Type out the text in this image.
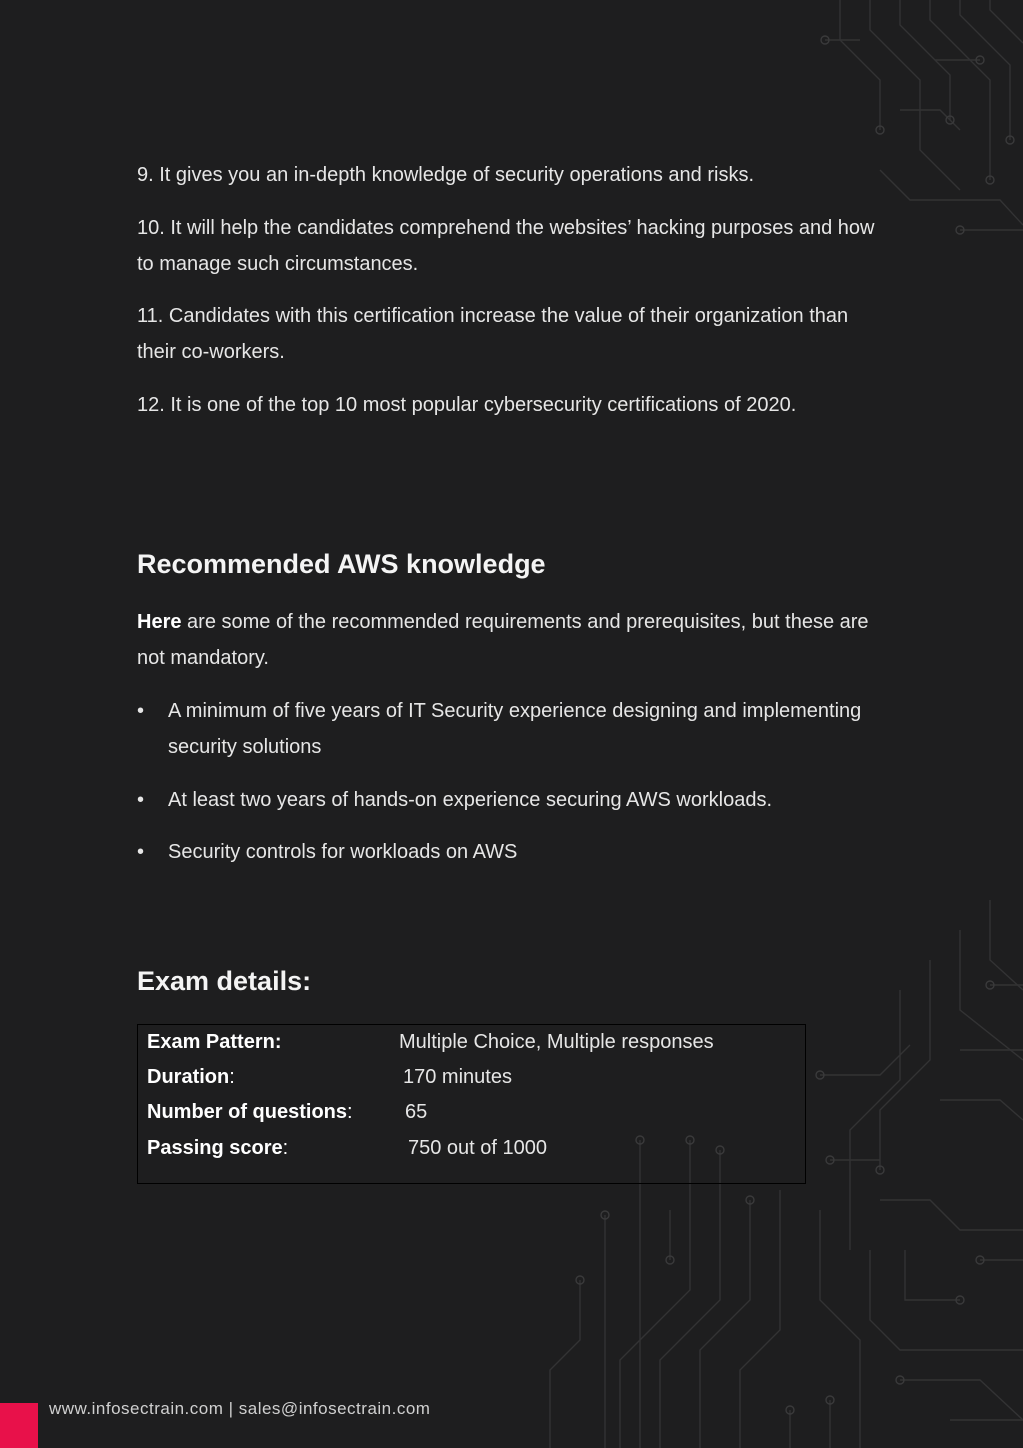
9. It gives you an in-depth knowledge of security operations and risks.

10. It will help the candidates comprehend the websites’ hacking purposes and how to manage such circumstances.

11. Candidates with this certification increase the value of their organization than their co-workers.

12. It is one of the top 10 most popular cybersecurity certifications of 2020.

Recommended AWS knowledge

Here are some of the recommended requirements and prerequisites, but these are not mandatory.

• A minimum of five years of IT Security experience designing and implementing security solutions
• At least two years of hands-on experience securing AWS workloads.
• Security controls for workloads on AWS
Exam details:
Exam Pattern:	Multiple Choice, Multiple responses
Duration:	170 minutes
Number of questions:	65
Passing score:	750 out of 1000
www.infosectrain.com | sales@infosectrain.com
